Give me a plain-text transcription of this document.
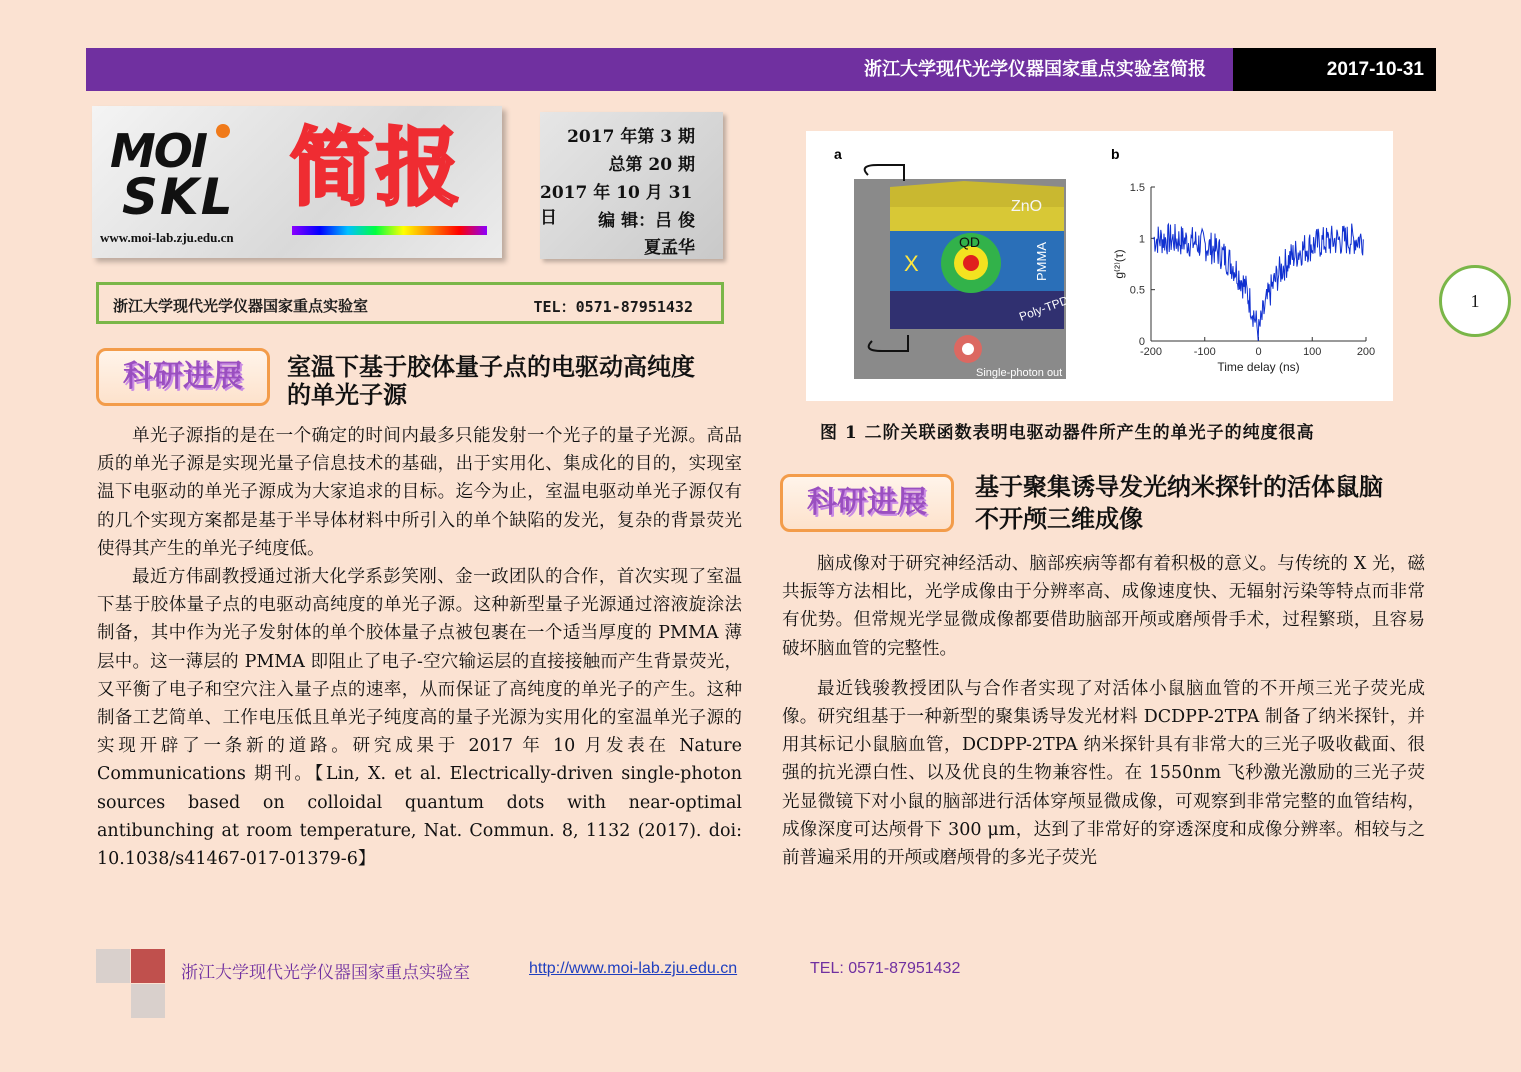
浙江大学现代光学仪器国家重点实验室简报	2017-10-31
MOI
SKL
www.moi-lab.zju.edu.cn
简报	2017 年第 3 期
总第 20 期
2017 年 10 月 31 日	编 辑：吕 俊
夏孟华
浙江大学现代光学仪器国家重点实验室	TEL：0571-87951432
科研进展	室温下基于胶体量子点的电驱动高纯度
的单光子源

单光子源指的是在一个确定的时间内最多只能发射一个光子的量子光源。高品质的单光子源是实现光量子信息技术的基础，出于实用化、集成化的目的，实现室温下电驱动的单光子源成为大家追求的目标。迄今为止，室温电驱动单光子源仅有的几个实现方案都是基于半导体材料中所引入的单个缺陷的发光，复杂的背景荧光使得其产生的单光子纯度低。

最近方伟副教授通过浙大化学系彭笑刚、金一政团队的合作，首次实现了室温下基于胶体量子点的电驱动高纯度的单光子源。这种新型量子光源通过溶液旋涂法制备，其中作为光子发射体的单个胶体量子点被包裹在一个适当厚度的 PMMA 薄层中。这一薄层的 PMMA 即阻止了电子-空穴输运层的直接接触而产生背景荧光，又平衡了电子和空穴注入量子点的速率，从而保证了高纯度的单光子的产生。这种制备工艺简单、工作电压低且单光子纯度高的量子光源为实用化的室温单光子源的实现开辟了一条新的道路。研究成果于 2017 年 10 月发表在 Nature Communications 期刊。【Lin, X. et al. Electrically-driven single-photon sources based on colloidal quantum dots with near-optimal antibunching at room temperature, Nat. Commun. 8, 1132 (2017). doi: 10.1038/s41467-017-01379-6】

a
ZnO
QD	PMMA
Poly-TPD
X
Single-photon out
b
1.5
1
0.5
0
-200	-100	0	100	200
Time delay (ns)
g⁽²⁾(τ)
图 1 二阶关联函数表明电驱动器件所产生的单光子的纯度很高
1
科研进展	基于聚集诱导发光纳米探针的活体鼠脑
不开颅三维成像

脑成像对于研究神经活动、脑部疾病等都有着积极的意义。与传统的 X 光，磁共振等方法相比，光学成像由于分辨率高、成像速度快、无辐射污染等特点而非常有优势。但常规光学显微成像都要借助脑部开颅或磨颅骨手术，过程繁琐，且容易破坏脑血管的完整性。

最近钱骏教授团队与合作者实现了对活体小鼠脑血管的不开颅三光子荧光成像。研究组基于一种新型的聚集诱导发光材料 DCDPP-2TPA 制备了纳米探针，并用其标记小鼠脑血管，DCDPP-2TPA 纳米探针具有非常大的三光子吸收截面、很强的抗光漂白性、以及优良的生物兼容性。在 1550nm 飞秒激光激励的三光子荧光显微镜下对小鼠的脑部进行活体穿颅显微成像，可观察到非常完整的血管结构，成像深度可达颅骨下 300 μm，达到了非常好的穿透深度和成像分辨率。相较与之前普遍采用的开颅或磨颅骨的多光子荧光

浙江大学现代光学仪器国家重点实验室	http://www.moi-lab.zju.edu.cn	TEL: 0571-87951432
